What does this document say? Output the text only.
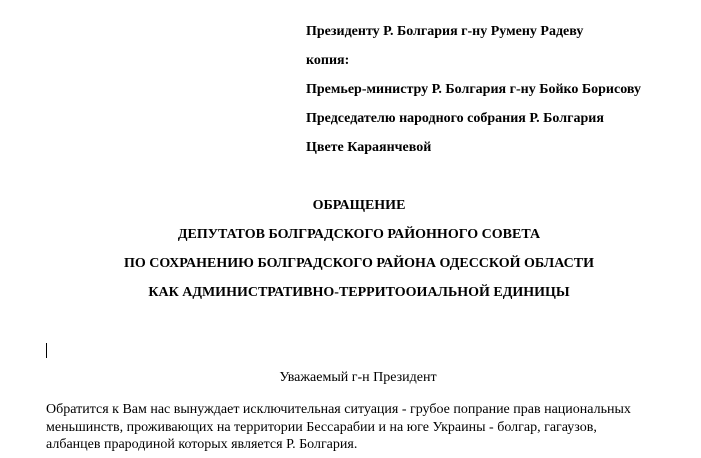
Президенту Р. Болгария г-ну Румену Радеву
копия:
Премьер-министру Р. Болгария г-ну Бойко Борисову
Председателю народного собрания Р. Болгария
Цвете Караянчевой
ОБРАЩЕНИЕ
ДЕПУТАТОВ БОЛГРАДСКОГО РАЙОННОГО СОВЕТА
ПО СОХРАНЕНИЮ БОЛГРАДСКОГО РАЙОНА ОДЕССКОЙ ОБЛАСТИ
КАК АДМИНИСТРАТИВНО-ТЕРРИТООИАЛЬНОЙ ЕДИНИЦЫ
Уважаемый г-н Президент
Обратится к Вам нас вынуждает исключительная ситуация - грубое попрание прав национальных
меньшинств, проживающих на территории Бессарабии и на юге Украины - болгар, гагаузов,
албанцев прародиной которых является Р. Болгария.
